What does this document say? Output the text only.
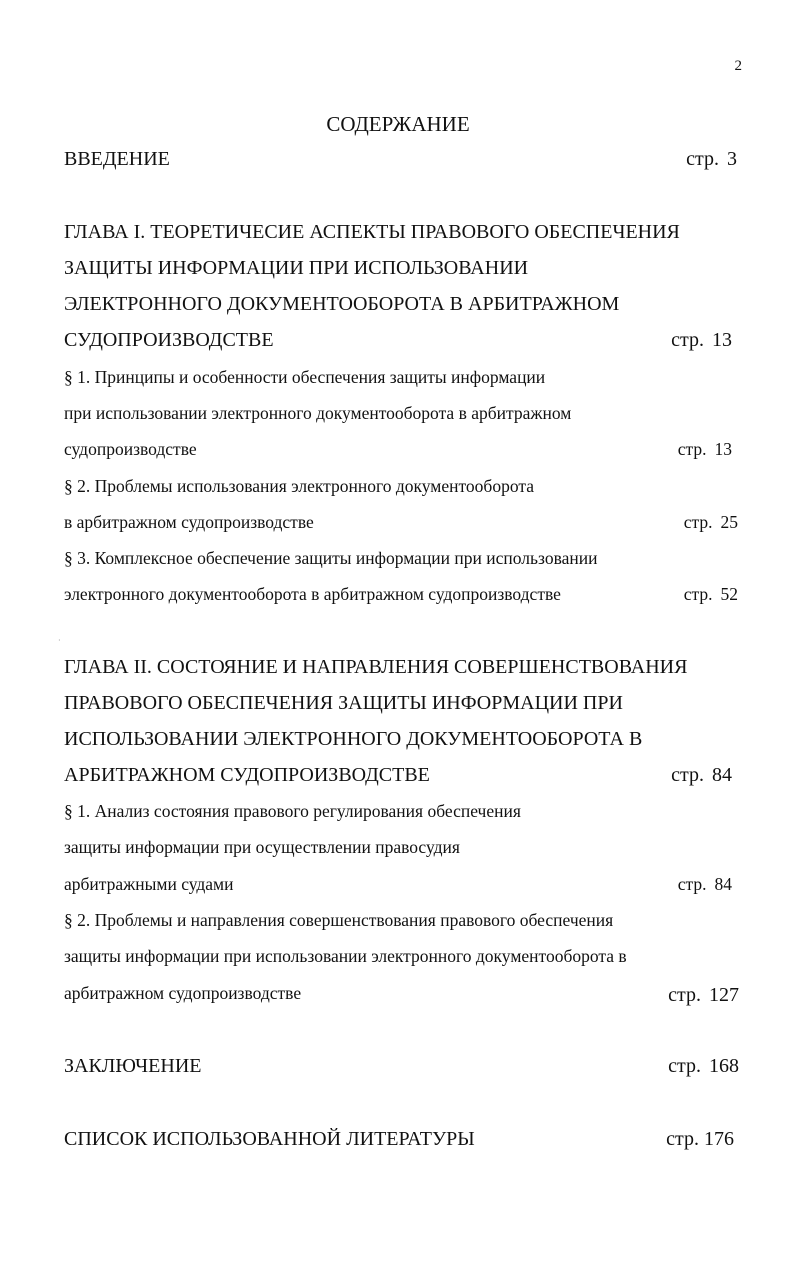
2
СОДЕРЖАНИЕ
ВВЕДЕНИЕ	стр. 3
ГЛАВА I. ТЕОРЕТИЧЕСИЕ АСПЕКТЫ ПРАВОВОГО ОБЕСПЕЧЕНИЯ
ЗАЩИТЫ ИНФОРМАЦИИ ПРИ ИСПОЛЬЗОВАНИИ
ЭЛЕКТРОННОГО ДОКУМЕНТООБОРОТА В АРБИТРАЖНОМ
СУДОПРОИЗВОДСТВЕ	стр. 13
§ 1. Принципы и особенности обеспечения защиты информации
при использовании электронного документооборота в арбитражном
судопроизводстве	стр. 13
§ 2. Проблемы использования электронного документооборота
в арбитражном судопроизводстве	стр. 25
§ 3. Комплексное обеспечение защиты информации при использовании
электронного документооборота в арбитражном судопроизводстве	стр. 52
·
ГЛАВА II. СОСТОЯНИЕ И НАПРАВЛЕНИЯ СОВЕРШЕНСТВОВАНИЯ
ПРАВОВОГО ОБЕСПЕЧЕНИЯ ЗАЩИТЫ ИНФОРМАЦИИ ПРИ
ИСПОЛЬЗОВАНИИ ЭЛЕКТРОННОГО ДОКУМЕНТООБОРОТА В
АРБИТРАЖНОМ СУДОПРОИЗВОДСТВЕ	стр. 84
§ 1. Анализ состояния правового регулирования обеспечения
защиты информации при осуществлении правосудия
арбитражными судами	стр. 84
§ 2. Проблемы и направления совершенствования правового обеспечения
защиты информации при использовании электронного документооборота в
арбитражном судопроизводстве	стр. 127
ЗАКЛЮЧЕНИЕ	стр. 168
СПИСОК ИСПОЛЬЗОВАННОЙ ЛИТЕРАТУРЫ	стр. 176
